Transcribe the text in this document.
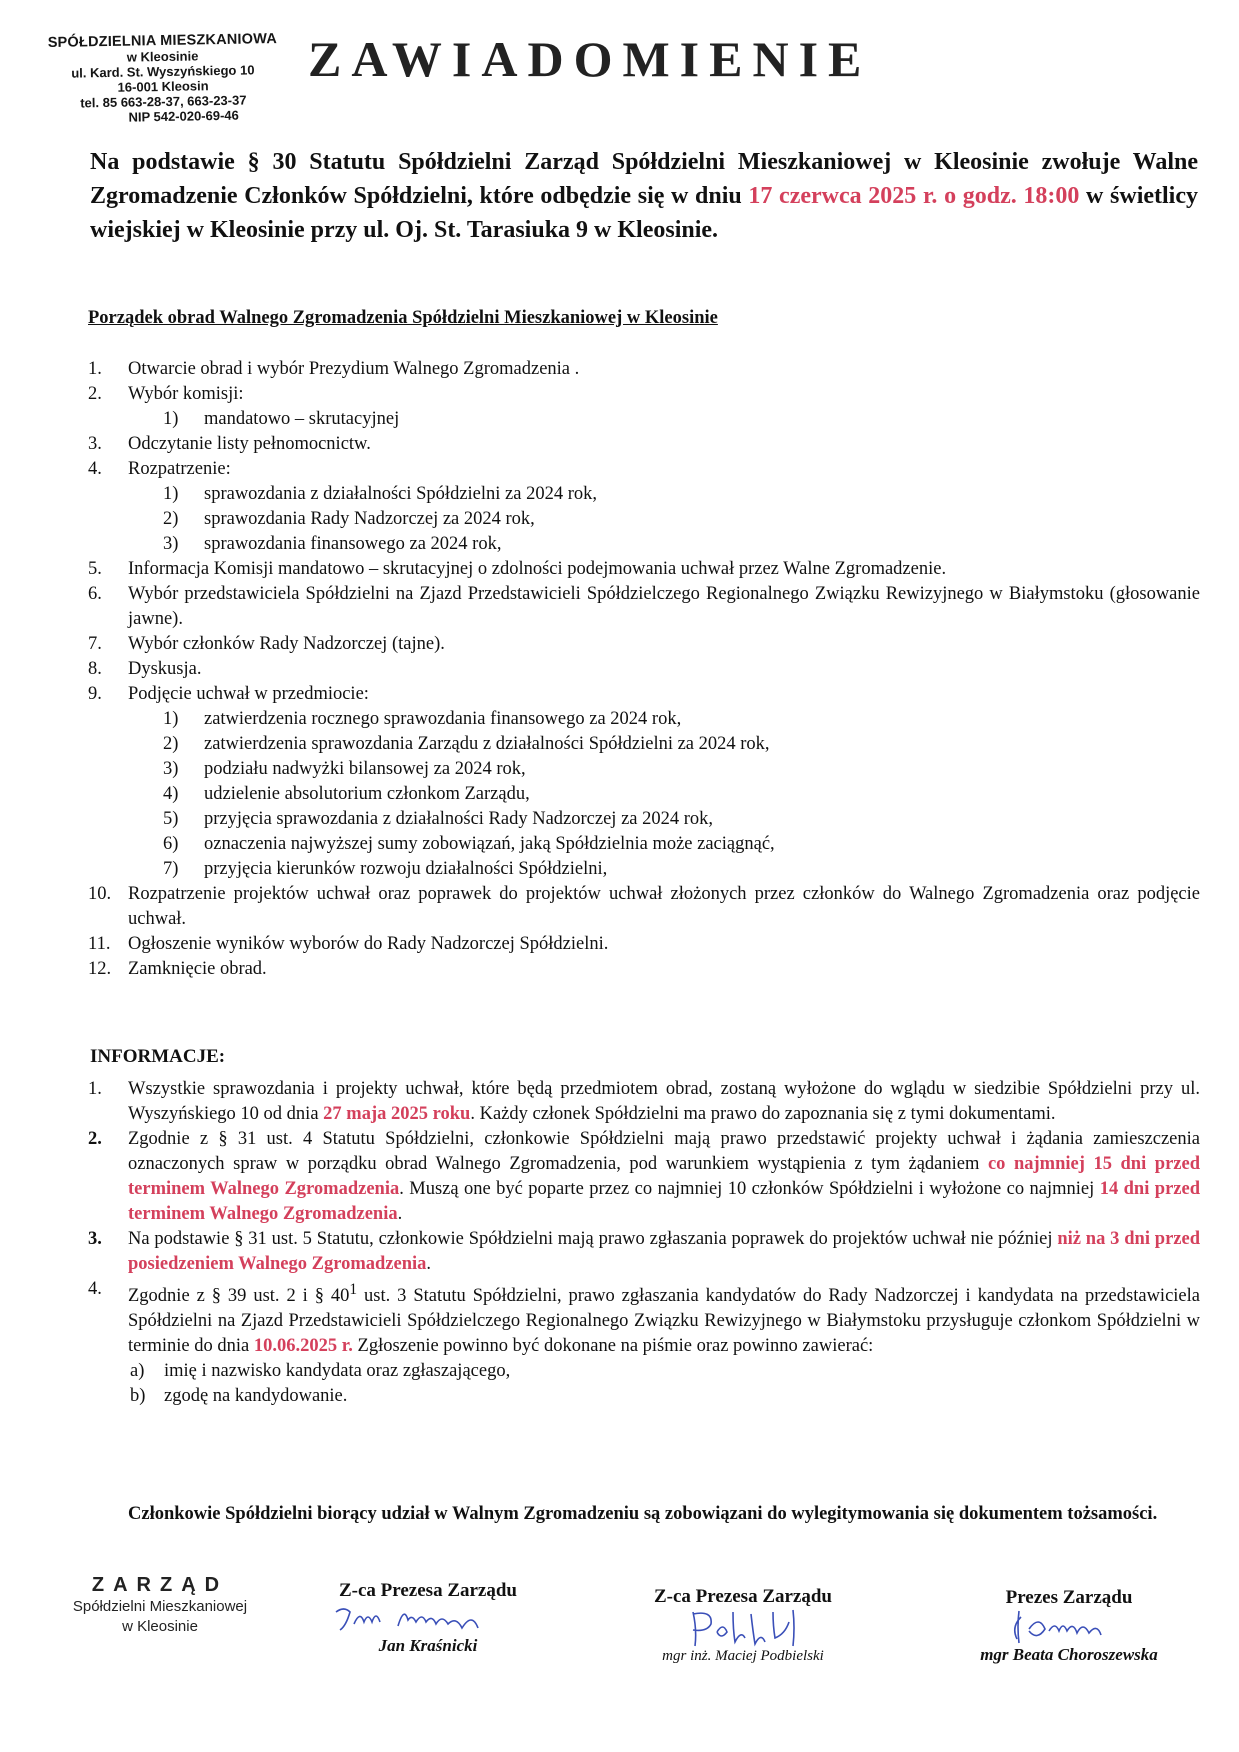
SPÓŁDZIELNIA MIESZKANIOWA
w Kleosinie
ul. Kard. St. Wyszyńskiego 10
16-001 Kleosin
tel. 85 663-28-37, 663-23-37
NIP 542-020-69-46
ZAWIADOMIENIE

Na podstawie § 30 Statutu Spółdzielni Zarząd Spółdzielni Mieszkaniowej w Kleosinie zwołuje Walne Zgromadzenie Członków Spółdzielni, które odbędzie się w dniu 17 czerwca 2025 r. o godz. 18:00 w świetlicy wiejskiej w Kleosinie przy ul. Oj. St. Tarasiuka 9 w Kleosinie.

Porządek obrad Walnego Zgromadzenia Spółdzielni Mieszkaniowej w Kleosinie
1.	Otwarcie obrad i wybór Prezydium Walnego Zgromadzenia .
2.	Wybór komisji:
1) mandatowo – skrutacyjnej
3.	Odczytanie listy pełnomocnictw.
4.	Rozpatrzenie:
1) sprawozdania z działalności Spółdzielni za 2024 rok,
2) sprawozdania Rady Nadzorczej za 2024 rok,
3) sprawozdania finansowego za 2024 rok,
5.	Informacja Komisji mandatowo – skrutacyjnej o zdolności podejmowania uchwał przez Walne Zgromadzenie.
6.	Wybór przedstawiciela Spółdzielni na Zjazd Przedstawicieli Spółdzielczego Regionalnego Związku Rewizyjnego w Białymstoku (głosowanie jawne).
7.	Wybór członków Rady Nadzorczej (tajne).
8.	Dyskusja.
9.	Podjęcie uchwał w przedmiocie:
1) zatwierdzenia rocznego sprawozdania finansowego za 2024 rok,
2) zatwierdzenia sprawozdania Zarządu z działalności Spółdzielni za 2024 rok,
3) podziału nadwyżki bilansowej za 2024 rok,
4) udzielenie absolutorium członkom Zarządu,
5) przyjęcia sprawozdania z działalności Rady Nadzorczej za 2024 rok,
6) oznaczenia najwyższej sumy zobowiązań, jaką Spółdzielnia może zaciągnąć,
7) przyjęcia kierunków rozwoju działalności Spółdzielni,
10. Rozpatrzenie projektów uchwał oraz poprawek do projektów uchwał złożonych przez członków do Walnego Zgromadzenia oraz podjęcie uchwał.
11. Ogłoszenie wyników wyborów do Rady Nadzorczej Spółdzielni.
12. Zamknięcie obrad.
INFORMACJE:
1. Wszystkie sprawozdania i projekty uchwał, które będą przedmiotem obrad, zostaną wyłożone do wglądu w siedzibie Spółdzielni przy ul. Wyszyńskiego 10 od dnia 27 maja 2025 roku. Każdy członek Spółdzielni ma prawo do zapoznania się z tymi dokumentami.
2. Zgodnie z § 31 ust. 4 Statutu Spółdzielni, członkowie Spółdzielni mają prawo przedstawić projekty uchwał i żądania zamieszczenia oznaczonych spraw w porządku obrad Walnego Zgromadzenia, pod warunkiem wystąpienia z tym żądaniem co najmniej 15 dni przed terminem Walnego Zgromadzenia. Muszą one być poparte przez co najmniej 10 członków Spółdzielni i wyłożone co najmniej 14 dni przed terminem Walnego Zgromadzenia.
3. Na podstawie § 31 ust. 5 Statutu, członkowie Spółdzielni mają prawo zgłaszania poprawek do projektów uchwał nie później niż na 3 dni przed posiedzeniem Walnego Zgromadzenia.
4. Zgodnie z § 39 ust. 2 i § $40^1$ ust. 3 Statutu Spółdzielni, prawo zgłaszania kandydatów do Rady Nadzorczej i kandydata na przedstawiciela Spółdzielni na Zjazd Przedstawicieli Spółdzielczego Regionalnego Związku Rewizyjnego w Białymstoku przysługuje członkom Spółdzielni w terminie do dnia 10.06.2025 r. Zgłoszenie powinno być dokonane na piśmie oraz powinno zawierać:
a) imię i nazwisko kandydata oraz zgłaszającego,
b) zgodę na kandydowanie.
Członkowie Spółdzielni biorący udział w Walnym Zgromadzeniu są zobowiązani do wylegitymowania się dokumentem tożsamości.
ZARZĄD
Spółdzielni Mieszkaniowej
w Kleosinie
Z-ca Prezesa Zarządu
Jan Kraśnicki
Z-ca Prezesa Zarządu
mgr inż. Maciej Podbielski
Prezes Zarządu
mgr Beata Choroszewska
